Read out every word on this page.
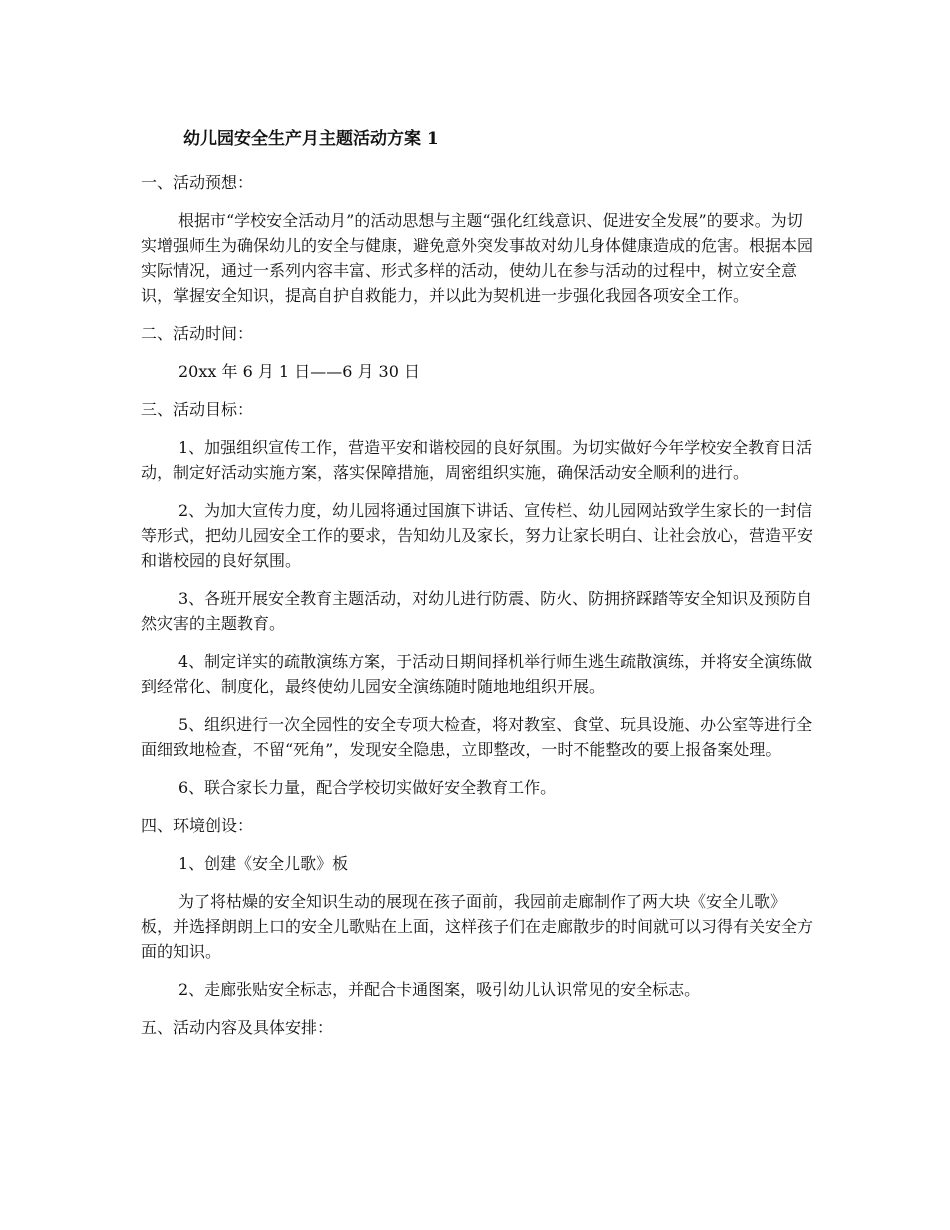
幼儿园安全生产月主题活动方案 1

一、活动预想：

根据市“学校安全活动月”的活动思想与主题“强化红线意识、促进安全发展”的要求。为切实增强师生为确保幼儿的安全与健康，避免意外突发事故对幼儿身体健康造成的危害。根据本园实际情况，通过一系列内容丰富、形式多样的活动，使幼儿在参与活动的过程中，树立安全意识，掌握安全知识，提高自护自救能力，并以此为契机进一步强化我园各项安全工作。

二、活动时间：

20xx 年 6 月 1 日——6 月 30 日

三、活动目标：

1、加强组织宣传工作，营造平安和谐校园的良好氛围。为切实做好今年学校安全教育日活动，制定好活动实施方案，落实保障措施，周密组织实施，确保活动安全顺利的进行。

2、为加大宣传力度，幼儿园将通过国旗下讲话、宣传栏、幼儿园网站致学生家长的一封信等形式，把幼儿园安全工作的要求，告知幼儿及家长，努力让家长明白、让社会放心，营造平安和谐校园的良好氛围。

3、各班开展安全教育主题活动，对幼儿进行防震、防火、防拥挤踩踏等安全知识及预防自然灾害的主题教育。

4、制定详实的疏散演练方案，于活动日期间择机举行师生逃生疏散演练，并将安全演练做到经常化、制度化，最终使幼儿园安全演练随时随地地组织开展。

5、组织进行一次全园性的安全专项大检查，将对教室、食堂、玩具设施、办公室等进行全面细致地检查，不留“死角”，发现安全隐患，立即整改，一时不能整改的要上报备案处理。

6、联合家长力量，配合学校切实做好安全教育工作。

四、环境创设：

1、创建《安全儿歌》板

为了将枯燥的安全知识生动的展现在孩子面前，我园前走廊制作了两大块《安全儿歌》板，并选择朗朗上口的安全儿歌贴在上面，这样孩子们在走廊散步的时间就可以习得有关安全方面的知识。

2、走廊张贴安全标志，并配合卡通图案，吸引幼儿认识常见的安全标志。

五、活动内容及具体安排：
